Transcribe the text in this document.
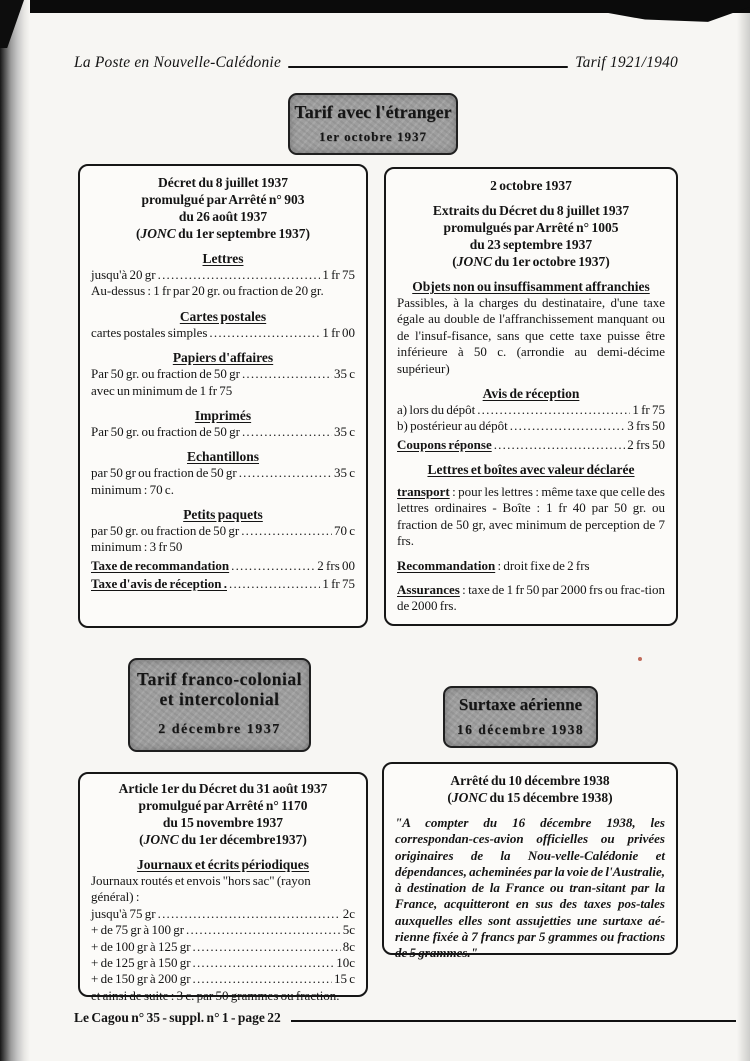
La Poste en Nouvelle-Calédonie	Tarif 1921/1940
Tarif avec l'étranger
1er octobre 1937
Décret du 8 juillet 1937
promulgué par Arrêté n° 903
du 26 août 1937
(JONC du 1er septembre 1937)
Lettres
jusqu'à 20 gr .....	1 fr 75
Au-dessus : 1 fr par 20 gr. ou fraction de 20 gr.
Cartes postales
cartes postales simples .....	1 fr 00
Papiers d'affaires
Par 50 gr. ou fraction de 50 gr .....	35 c
avec un minimum de 1 fr 75
Imprimés
Par 50 gr. ou fraction de 50 gr .....	35 c
Echantillons
par 50 gr ou fraction de 50 gr .....	35 c
minimum : 70 c.
Petits paquets
par 50 gr. ou fraction de 50 gr .....	70 c
minimum : 3 fr 50
Taxe de recommandation .....	2 frs 00
Taxe d'avis de réception . .....	1 fr 75
2 octobre 1937
Extraits du Décret du 8 juillet 1937
promulgués par Arrêté n° 1005
du 23 septembre 1937
(JONC du 1er octobre 1937)
Objets non ou insuffisamment affranchies
Passibles, à la charges du destinataire, d'une taxe égale au double de l'affranchissement manquant ou de l'insuf-fisance, sans que cette taxe puisse être inférieure à 50 c. (arrondie au demi-décime supérieur)
Avis de réception
a) lors du dépôt .....	1 fr 75
b) postérieur au dépôt .....	3 frs 50
Coupons réponse .....	2 frs 50
Lettres et boîtes avec valeur déclarée
transport : pour les lettres : même taxe que celle des lettres ordinaires - Boîte : 1 fr 40 par 50 gr. ou fraction de 50 gr, avec minimum de perception de 7 frs.
Recommandation : droit fixe de 2 frs
Assurances : taxe de 1 fr 50 par 2000 frs ou frac-tion de 2000 frs.
Tarif franco-colonial
et intercolonial
2 décembre 1937
Surtaxe aérienne
16 décembre 1938
Article 1er du Décret du 31 août 1937
promulgué par Arrêté n° 1170
du 15 novembre 1937
(JONC du 1er décembre1937)
Journaux et écrits périodiques
Journaux routés et envois "hors sac" (rayon général) :
jusqu'à 75 gr .....	2c
+ de 75 gr à 100 gr .....	5c
+ de 100 gr à 125 gr .....	8c
+ de 125 gr à 150 gr .....	10c
+ de 150 gr à 200 gr .....	15 c
et ainsi de suite : 3 c. par 50 grammes ou fraction.
Arrêté du 10 décembre 1938
(JONC du 15 décembre 1938)
"A compter du 16 décembre 1938, les correspondan-ces-avion officielles ou privées originaires de la Nou-velle-Calédonie et dépendances, acheminées par la voie de l'Australie, à destination de la France ou tran-sitant par la France, acquitteront en sus des taxes pos-tales auxquelles elles sont assujetties une surtaxe aé-rienne fixée à 7 francs par 5 grammes ou fractions de 5 grammes."
Le Cagou n° 35 - suppl. n° 1 - page 22
